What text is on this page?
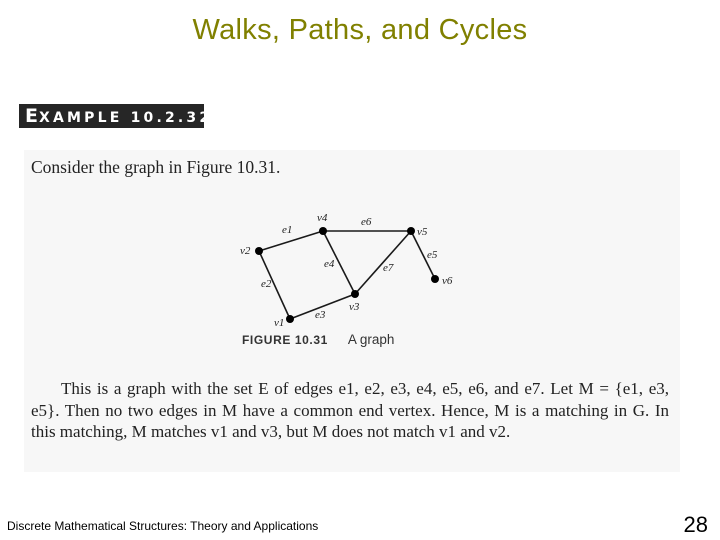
Walks, Paths, and Cycles
EXAMPLE 10.2.32
Consider the graph in Figure 10.31.
v1
v2
v3
v4
v5
v6
e1
e2
e3
e4
e5
e6
e7
FIGURE 10.31 A graph
This is a graph with the set E of edges e1, e2, e3, e4, e5, e6, and e7. Let M = {e1, e3, e5}. Then no two edges in M have a common end vertex. Hence, M is a matching in G. In this matching, M matches v1 and v3, but M does not match v1 and v2.
Discrete Mathematical Structures: Theory and Applications	28
